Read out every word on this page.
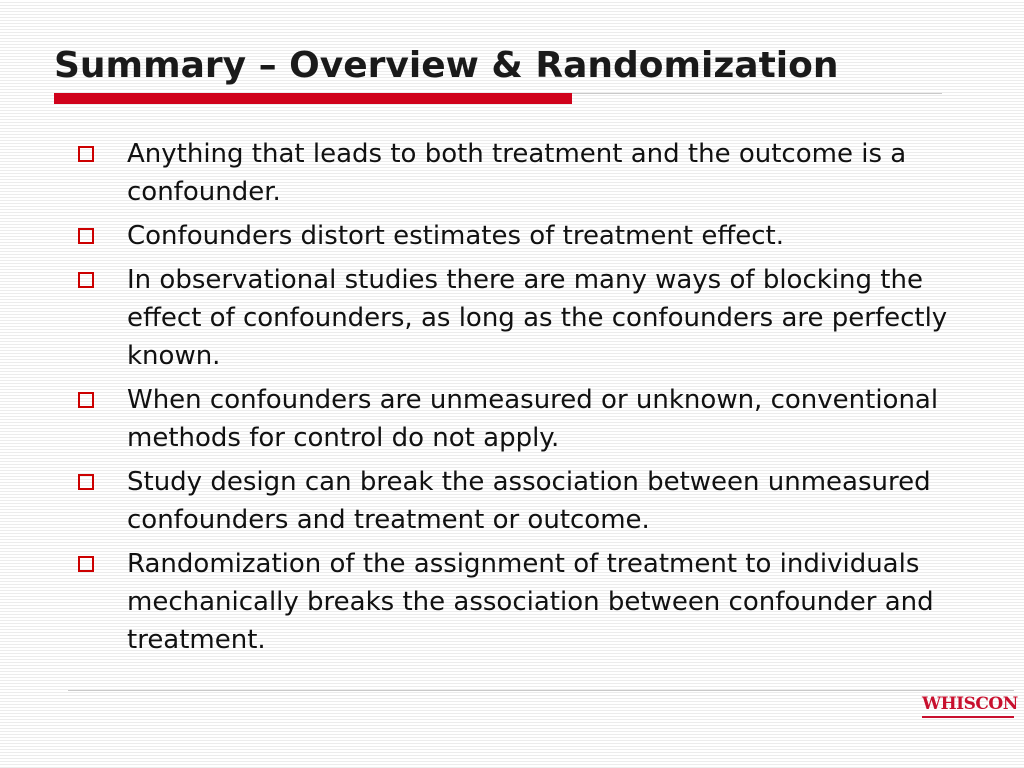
Summary – Overview & Randomization
Anything that leads to both treatment and the outcome is a confounder.
Confounders distort estimates of treatment effect.
In observational studies there are many ways of blocking the effect of confounders, as long as the confounders are perfectly known.
When confounders are unmeasured or unknown, conventional methods for control do not apply.
Study design can break the association between unmeasured confounders and treatment or outcome.
Randomization of the assignment of treatment to individuals mechanically breaks the association between confounder and treatment.
WHISCON
